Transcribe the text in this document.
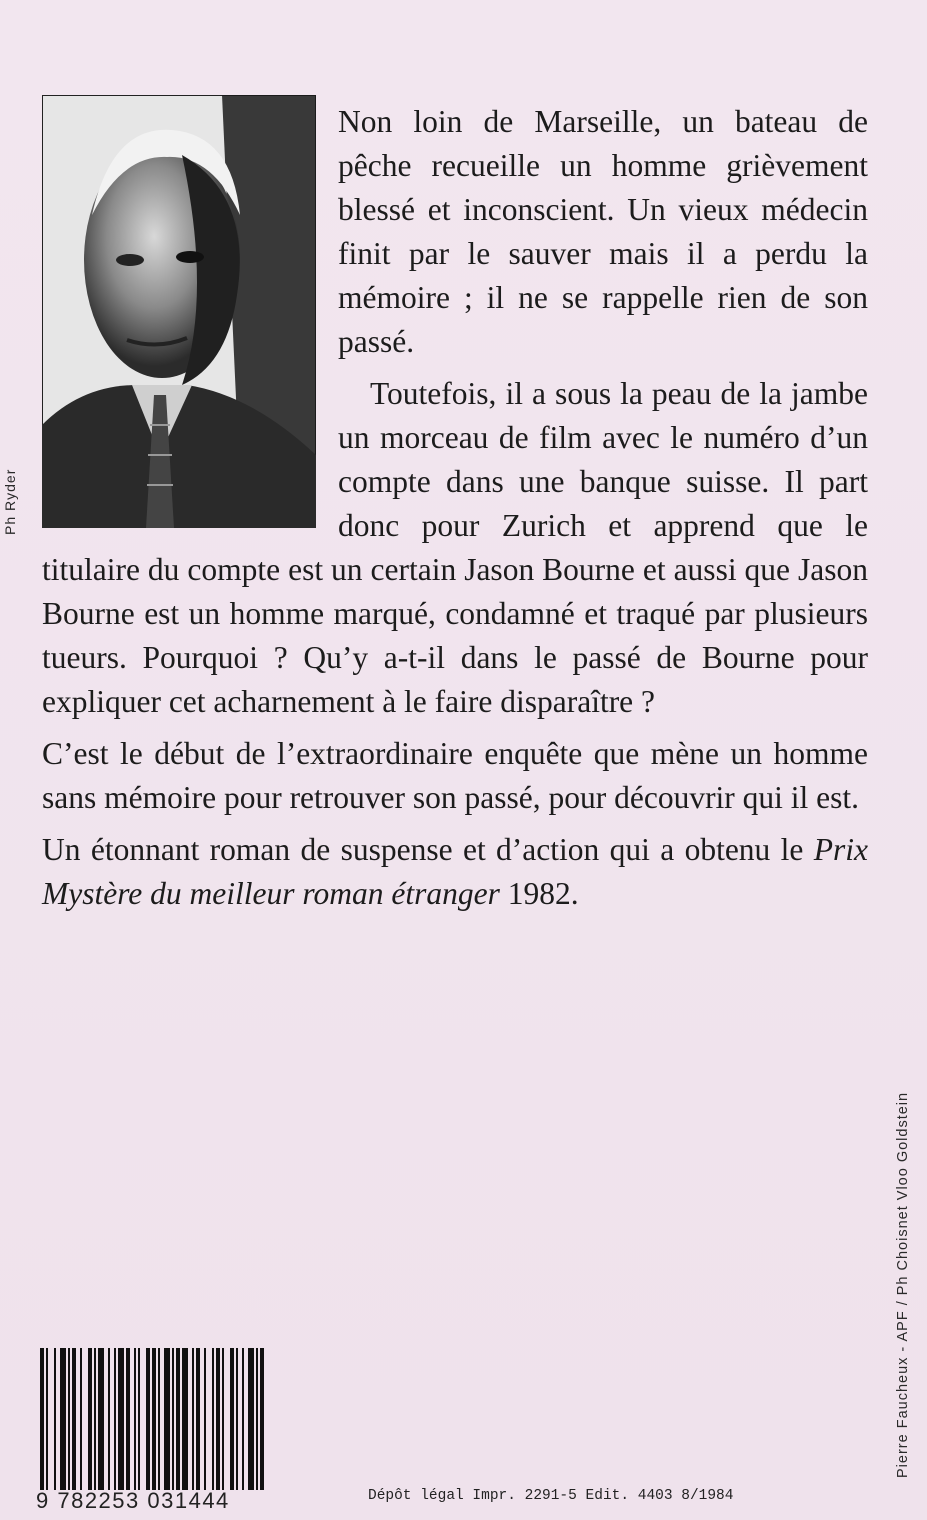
Ph Ryder
Pierre Faucheux - APF / Ph Choisnet Vloo Goldstein

Non loin de Marseille, un bateau de pêche recueille un homme grièvement blessé et inconscient. Un vieux médecin finit par le sauver mais il a perdu la mémoire ; il ne se rappelle rien de son passé.

Toutefois, il a sous la peau de la jambe un morceau de film avec le numéro d’un compte dans une banque suisse. Il part donc pour Zurich et apprend que le titulaire du compte est un certain Jason Bourne et aussi que Jason Bourne est un homme marqué, condamné et traqué par plusieurs tueurs. Pourquoi ? Qu’y a-t-il dans le passé de Bourne pour expliquer cet acharnement à le faire disparaître ?

C’est le début de l’extraordinaire enquête que mène un homme sans mémoire pour retrouver son passé, pour découvrir qui il est.

Un étonnant roman de suspense et d’action qui a obtenu le Prix Mystère du meilleur roman étranger 1982.

9 782253 031444	Dépôt légal Impr. 2291-5 Edit. 4403 8/1984
